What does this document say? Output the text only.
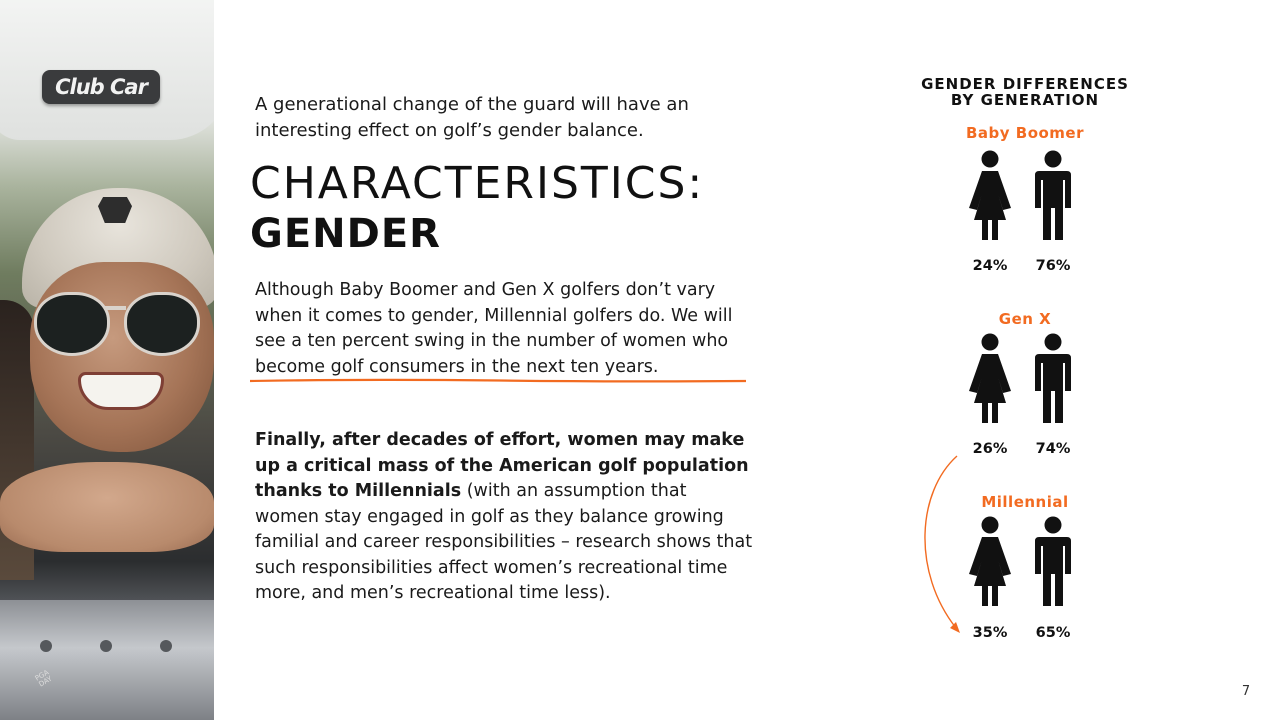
Club Car
PGA DAY
A generational change of the guard will have an interesting effect on golf’s gender balance.
CHARACTERISTICS:
GENDER
Although Baby Boomer and Gen X golfers don’t vary when it comes to gender, Millennial golfers do. We will see a ten percent swing in the number of women who become golf consumers in the next ten years.
Finally, after decades of effort, women may make up a critical mass of the American golf population thanks to Millennials (with an assumption that women stay engaged in golf as they balance growing familial and career responsibilities – research shows that such responsibilities affect women’s recreational time more, and men’s recreational time less).
GENDER DIFFERENCES
BY GENERATION
Baby Boomer
24%	76%
Gen X
26%	74%
Millennial
35%	65%
7
